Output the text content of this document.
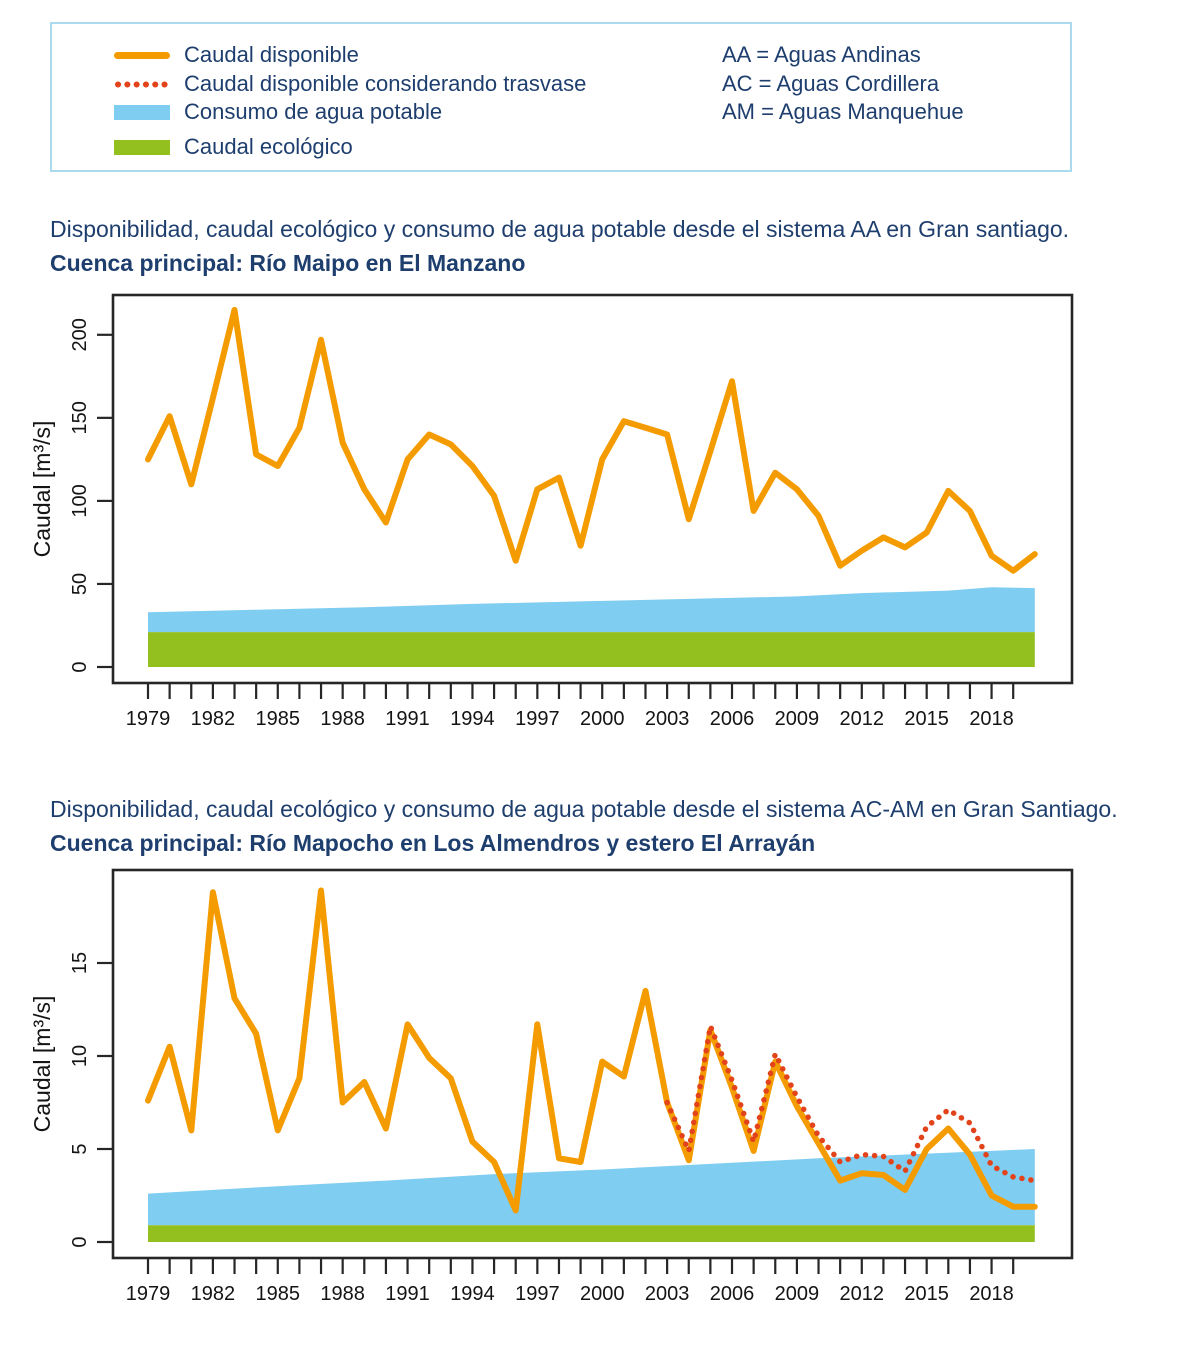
Caudal disponible
Caudal disponible considerando trasvase
Consumo de agua potable
Caudal ecológico
AA = Aguas Andinas
AC = Aguas Cordillera
AM = Aguas Manquehue
Disponibilidad, caudal ecológico y consumo de agua potable desde el sistema AA en Gran santiago.
Cuenca principal: Río Maipo en El Manzano
1979 1982 1985 1988 1991 1994 1997 2000 2003 2006 2009 2012 2015 2018
0
50
100
150
200
Caudal [m³/s]
Disponibilidad, caudal ecológico y consumo de agua potable desde el sistema AC-AM en Gran Santiago.
Cuenca principal: Río Mapocho en Los Almendros y estero El Arrayán
1979 1982 1985 1988 1991 1994 1997 2000 2003 2006 2009 2012 2015 2018
0
5
10
15
Caudal [m³/s]
